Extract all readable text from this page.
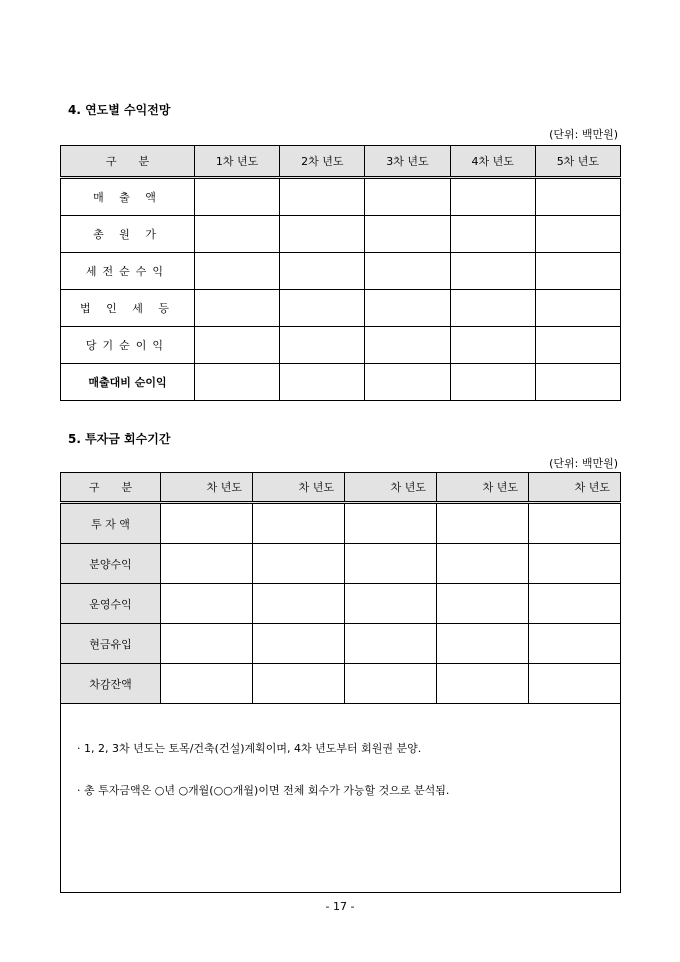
4. 연도별 수익전망
(단위: 백만원)
구　　분	1차 년도	2차 년도	3차 년도	4차 년도	5차 년도
매 출 액					
총 원 가					
세전순수익					
법 인 세 등					
당기순이익					
매출대비 순이익					
5. 투자금 회수기간
(단위: 백만원)
구　　분	차 년도	차 년도	차 년도	차 년도	차 년도
투 자 액					
분양수익					
운영수익					
현금유입					
차감잔액					

· 1, 2, 3차 년도는 토목/건축(건설)계획이며, 4차 년도부터 회원권 분양.

· 총 투자금액은 ○년 ○개월(○○개월)이면 전체 회수가 가능할 것으로 분석됨.					

- 17 -
